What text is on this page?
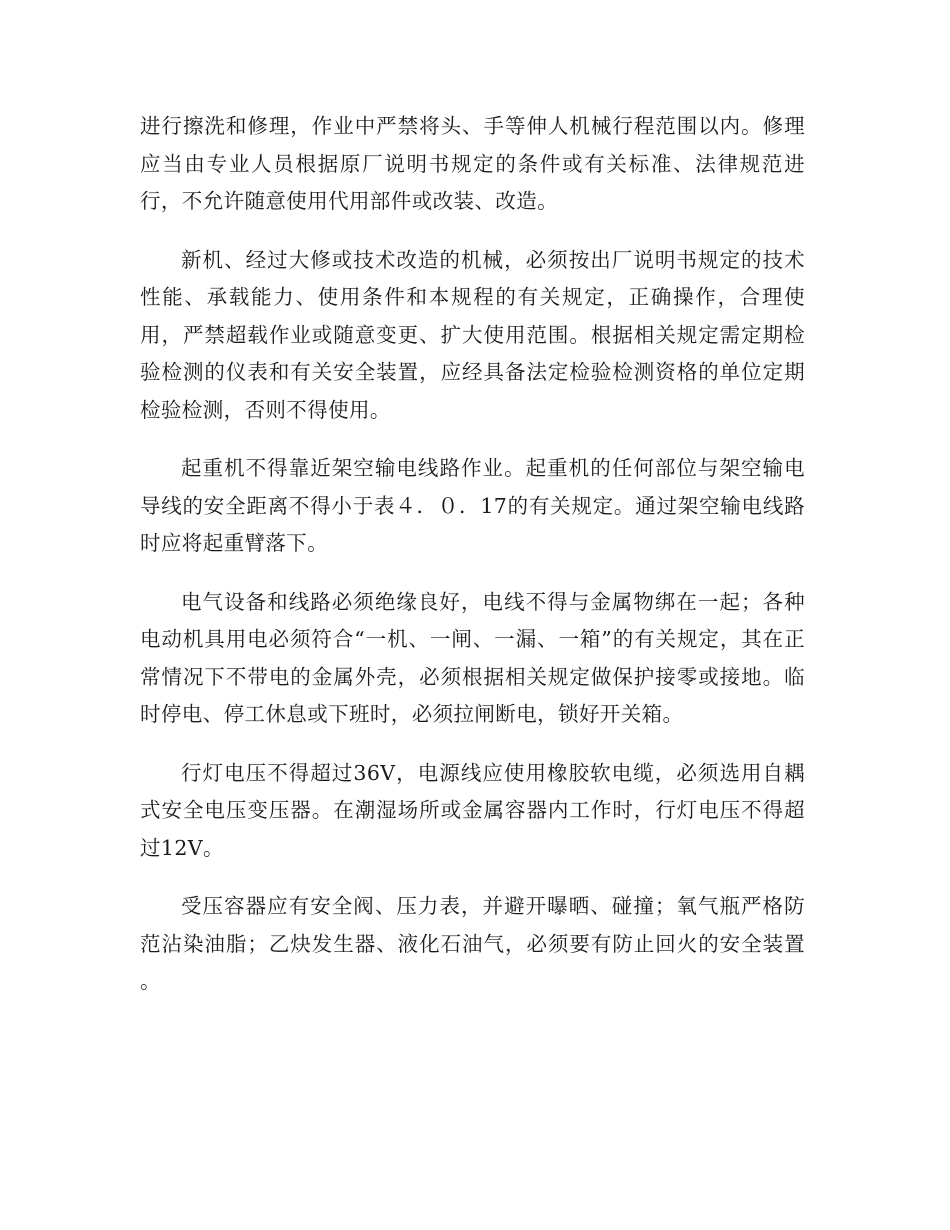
进行擦洗和修理，作业中严禁将头、手等伸人机械行程范围以内。修理应当由专业人员根据原厂说明书规定的条件或有关标准、法律规范进行，不允许随意使用代用部件或改装、改造。

新机、经过大修或技术改造的机械，必须按出厂说明书规定的技术性能、承载能力、使用条件和本规程的有关规定，正确操作，合理使用，严禁超载作业或随意变更、扩大使用范围。根据相关规定需定期检验检测的仪表和有关安全装置，应经具备法定检验检测资格的单位定期检验检测，否则不得使用。

起重机不得靠近架空输电线路作业。起重机的任何部位与架空输电导线的安全距离不得小于表４．０．17的有关规定。通过架空输电线路时应将起重臂落下。

电气设备和线路必须绝缘良好，电线不得与金属物绑在一起；各种电动机具用电必须符合“一机、一闸、一漏、一箱”的有关规定，其在正常情况下不带电的金属外壳，必须根据相关规定做保护接零或接地。临时停电、停工休息或下班时，必须拉闸断电，锁好开关箱。

行灯电压不得超过36V，电源线应使用橡胶软电缆，必须选用自耦式安全电压变压器。在潮湿场所或金属容器内工作时，行灯电压不得超过12V。

受压容器应有安全阀、压力表，并避开曝晒、碰撞；氧气瓶严格防范沾染油脂；乙炔发生器、液化石油气，必须要有防止回火的安全装置 。
